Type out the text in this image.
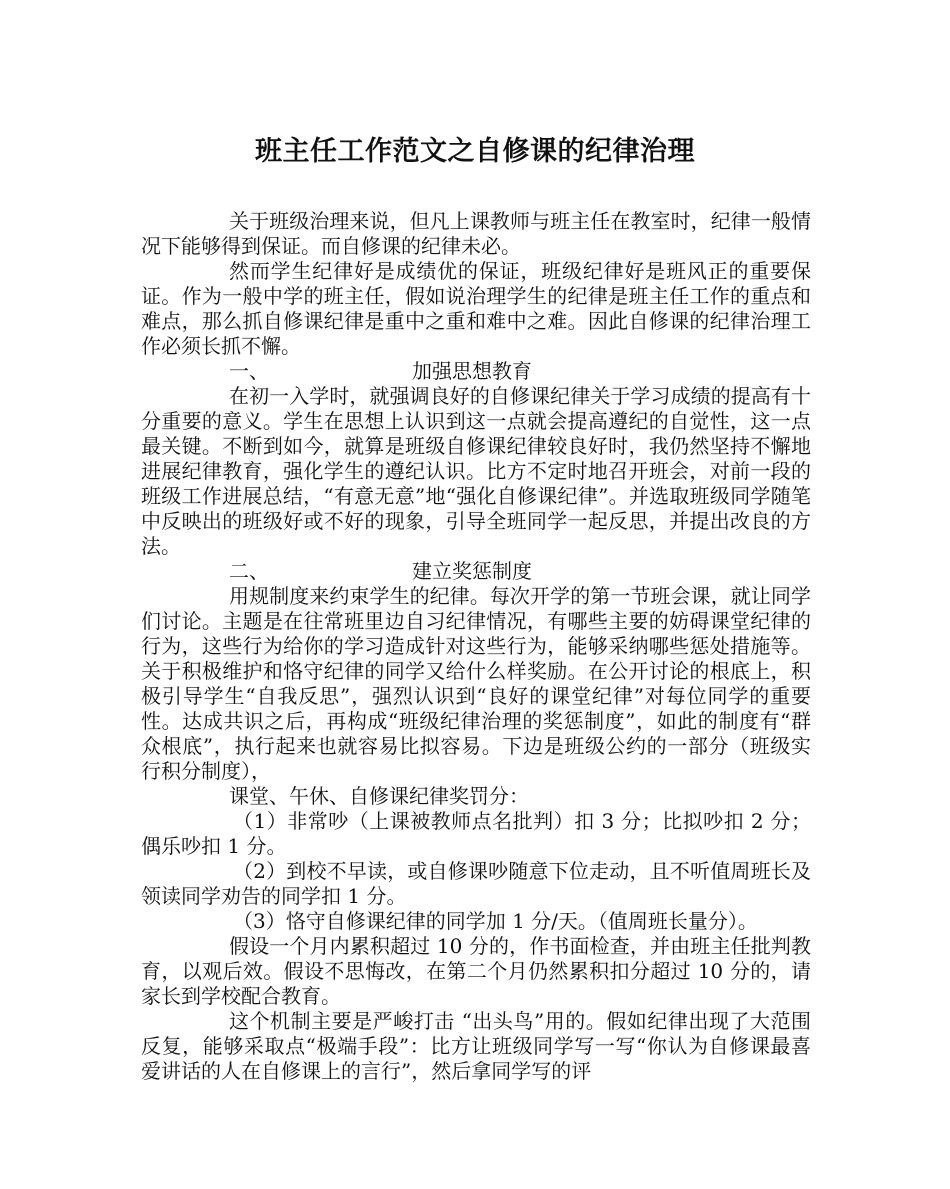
班主任工作范文之自修课的纪律治理

关于班级治理来说，但凡上课教师与班主任在教室时，纪律一般情况下能够得到保证。而自修课的纪律未必。

然而学生纪律好是成绩优的保证，班级纪律好是班风正的重要保证。作为一般中学的班主任，假如说治理学生的纪律是班主任工作的重点和难点，那么抓自修课纪律是重中之重和难中之难。因此自修课的纪律治理工作必须长抓不懈。

一、	加强思想教育

在初一入学时，就强调良好的自修课纪律关于学习成绩的提高有十分重要的意义。学生在思想上认识到这一点就会提高遵纪的自觉性，这一点最关键。不断到如今，就算是班级自修课纪律较良好时，我仍然坚持不懈地进展纪律教育，强化学生的遵纪认识。比方不定时地召开班会，对前一段的班级工作进展总结，“有意无意”地“强化自修课纪律”。并选取班级同学随笔中反映出的班级好或不好的现象，引导全班同学一起反思，并提出改良的方法。

二、	建立奖惩制度

用规制度来约束学生的纪律。每次开学的第一节班会课，就让同学们讨论。主题是在往常班里边自习纪律情况，有哪些主要的妨碍课堂纪律的行为，这些行为给你的学习造成针对这些行为，能够采纳哪些惩处措施等。关于积极维护和恪守纪律的同学又给什么样奖励。在公开讨论的根底上，积极引导学生“自我反思”，强烈认识到“良好的课堂纪律”对每位同学的重要性。达成共识之后，再构成“班级纪律治理的奖惩制度”，如此的制度有“群众根底”，执行起来也就容易比拟容易。下边是班级公约的一部分（班级实行积分制度），

课堂、午休、自修课纪律奖罚分：

（1）非常吵（上课被教师点名批判）扣 3 分；比拟吵扣 2 分；偶乐吵扣 1 分。

（2）到校不早读，或自修课吵随意下位走动，且不听值周班长及领读同学劝告的同学扣 1 分。

（3）恪守自修课纪律的同学加 1 分/天。（值周班长量分）。

假设一个月内累积超过 10 分的，作书面检查，并由班主任批判教育，以观后效。假设不思悔改，在第二个月仍然累积扣分超过 10 分的，请家长到学校配合教育。

这个机制主要是严峻打击 “出头鸟”用的。假如纪律出现了大范围反复，能够采取点“极端手段”：比方让班级同学写一写“你认为自修课最喜爱讲话的人在自修课上的言行”，然后拿同学写的评
